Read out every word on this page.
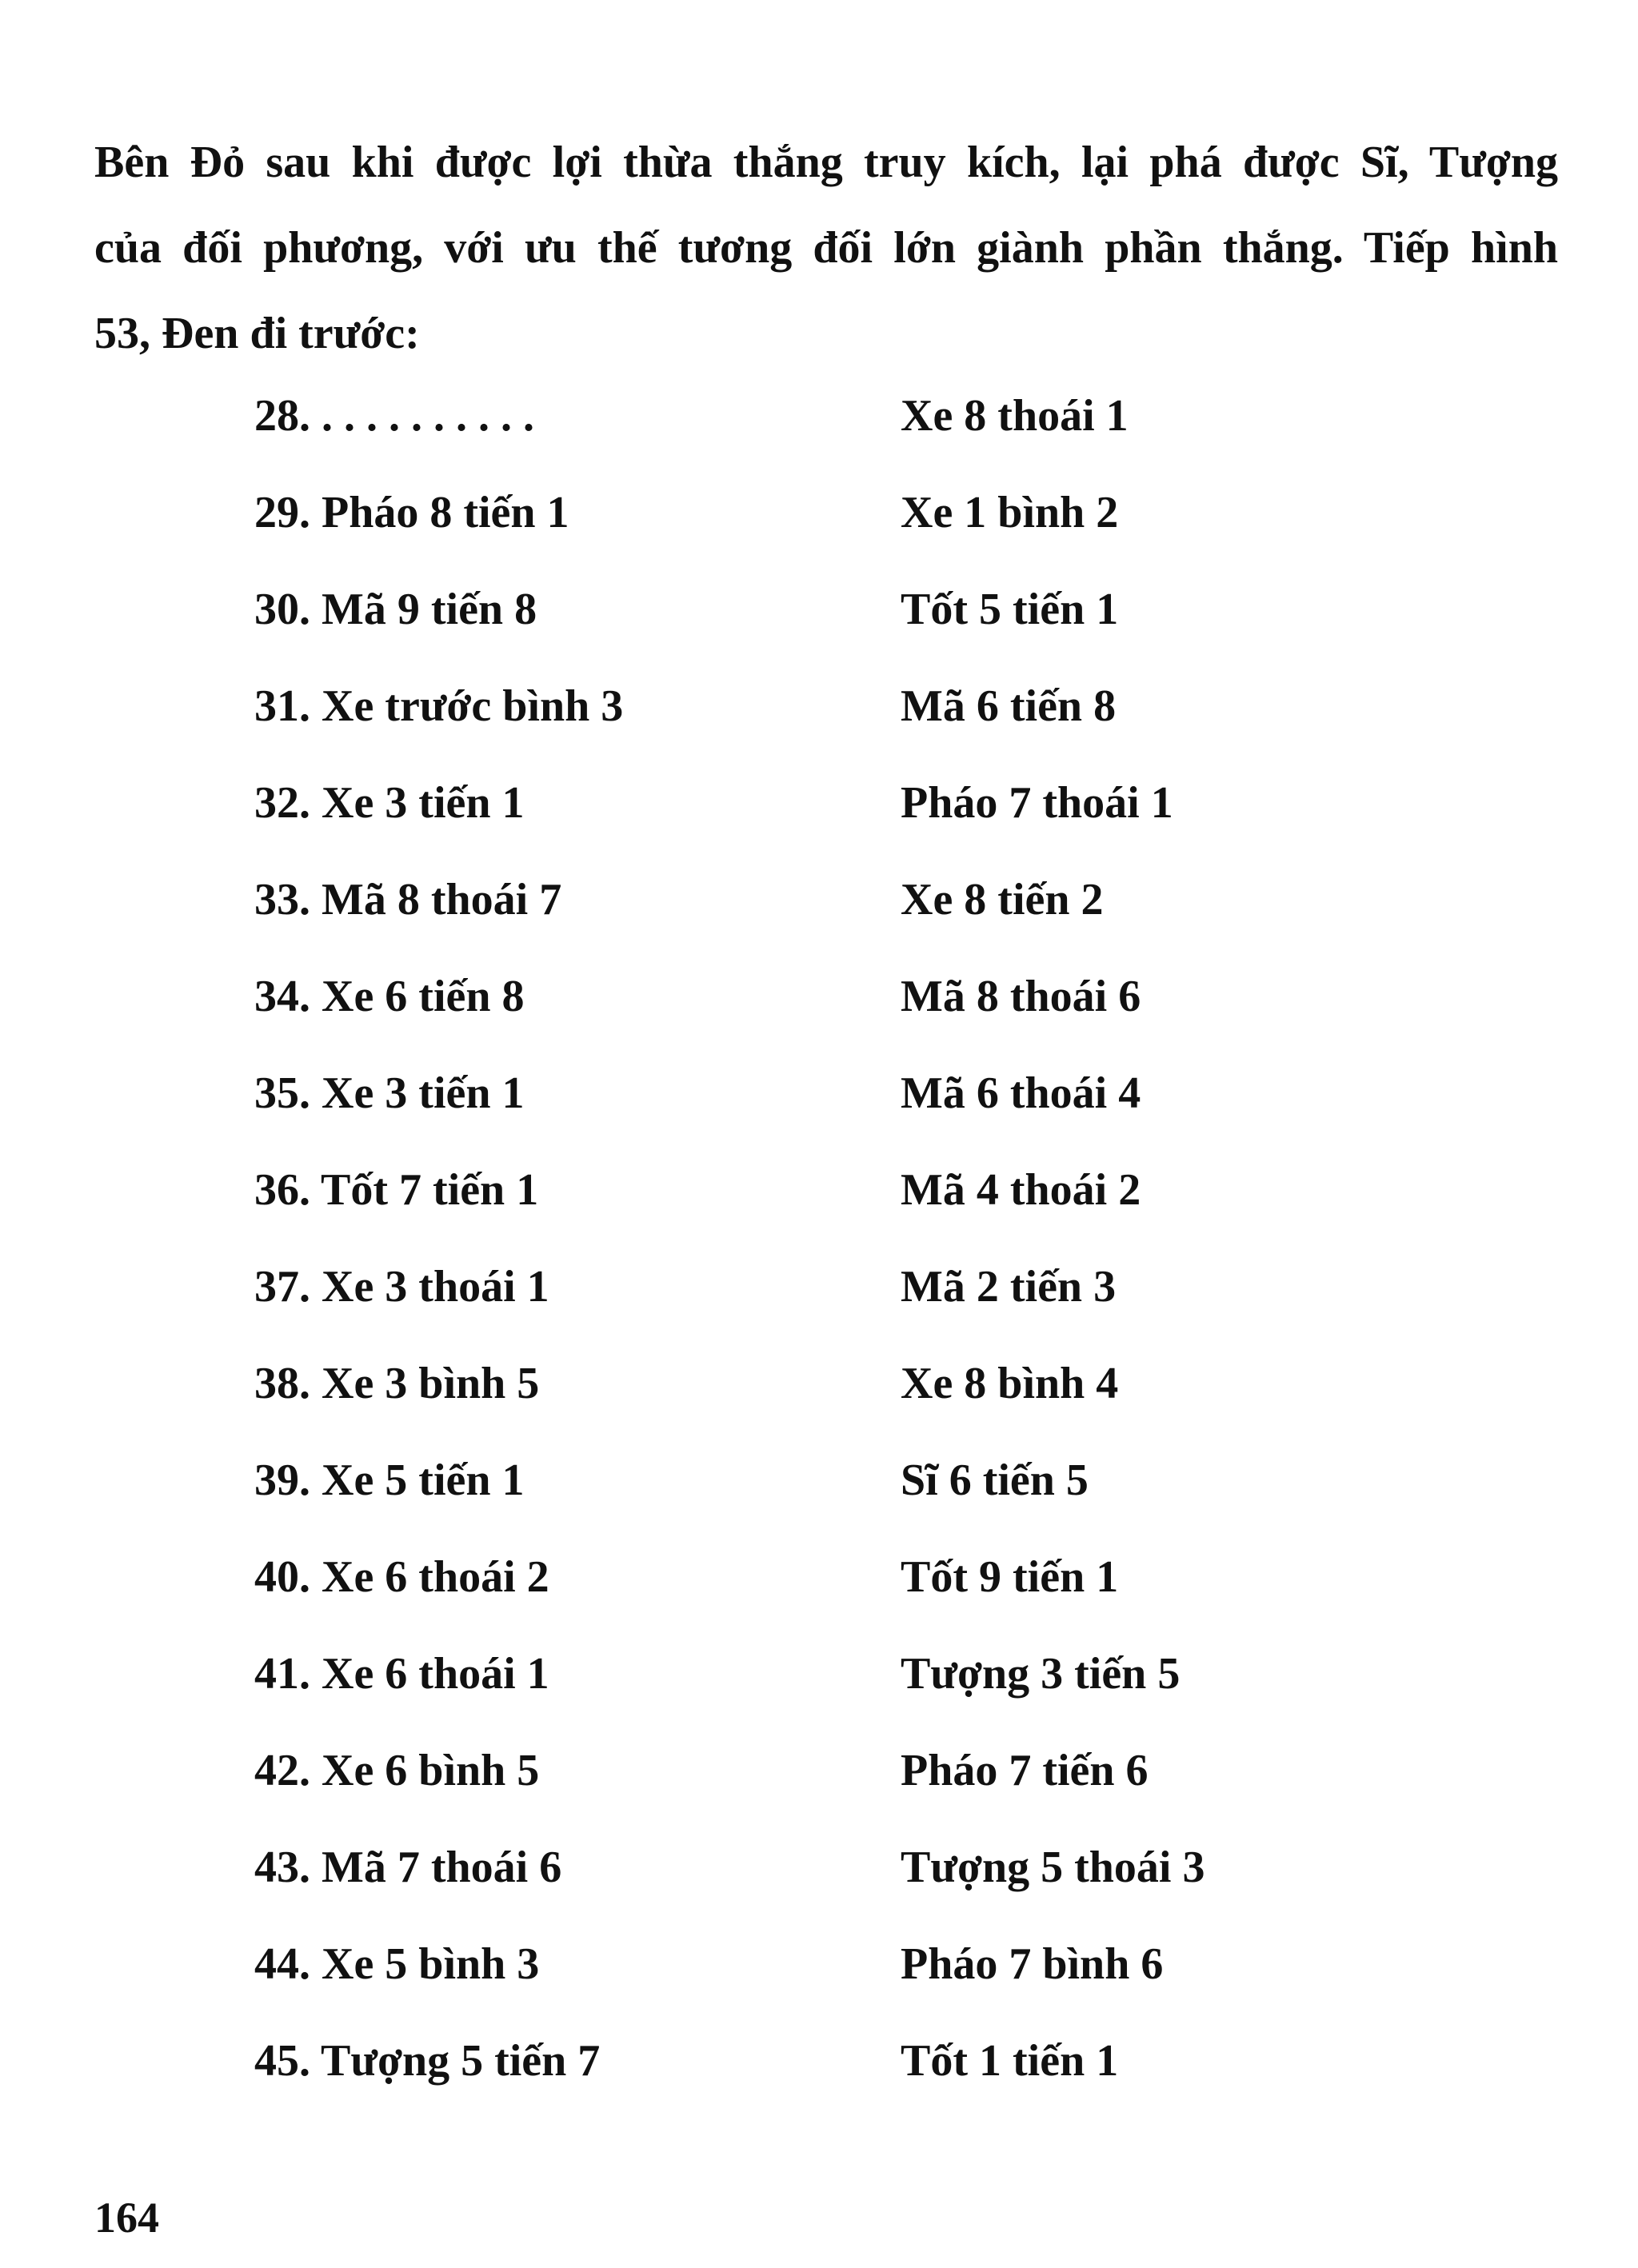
Bên Đỏ sau khi được lợi thừa thắng truy kích, lại phá được Sĩ, Tượng
của đối phương, với ưu thế tương đối lớn giành phần thắng. Tiếp hình
53, Đen đi trước:
28. . . . . . . . . . .	Xe 8 thoái 1
29. Pháo 8 tiến 1	Xe 1 bình 2
30. Mã 9 tiến 8	Tốt 5 tiến 1
31. Xe trước bình 3	Mã 6 tiến 8
32. Xe 3 tiến 1	Pháo 7 thoái 1
33. Mã 8 thoái 7	Xe 8 tiến 2
34. Xe 6 tiến 8	Mã 8 thoái 6
35. Xe 3 tiến 1	Mã 6 thoái 4
36. Tốt 7 tiến 1	Mã 4 thoái 2
37. Xe 3 thoái 1	Mã 2 tiến 3
38. Xe 3 bình 5	Xe 8 bình 4
39. Xe 5 tiến 1	Sĩ 6 tiến 5
40. Xe 6 thoái 2	Tốt 9 tiến 1
41. Xe 6 thoái 1	Tượng 3 tiến 5
42. Xe 6 bình 5	Pháo 7 tiến 6
43. Mã 7 thoái 6	Tượng 5 thoái 3
44. Xe 5 bình 3	Pháo 7 bình 6
45. Tượng 5 tiến 7	Tốt 1 tiến 1
164
